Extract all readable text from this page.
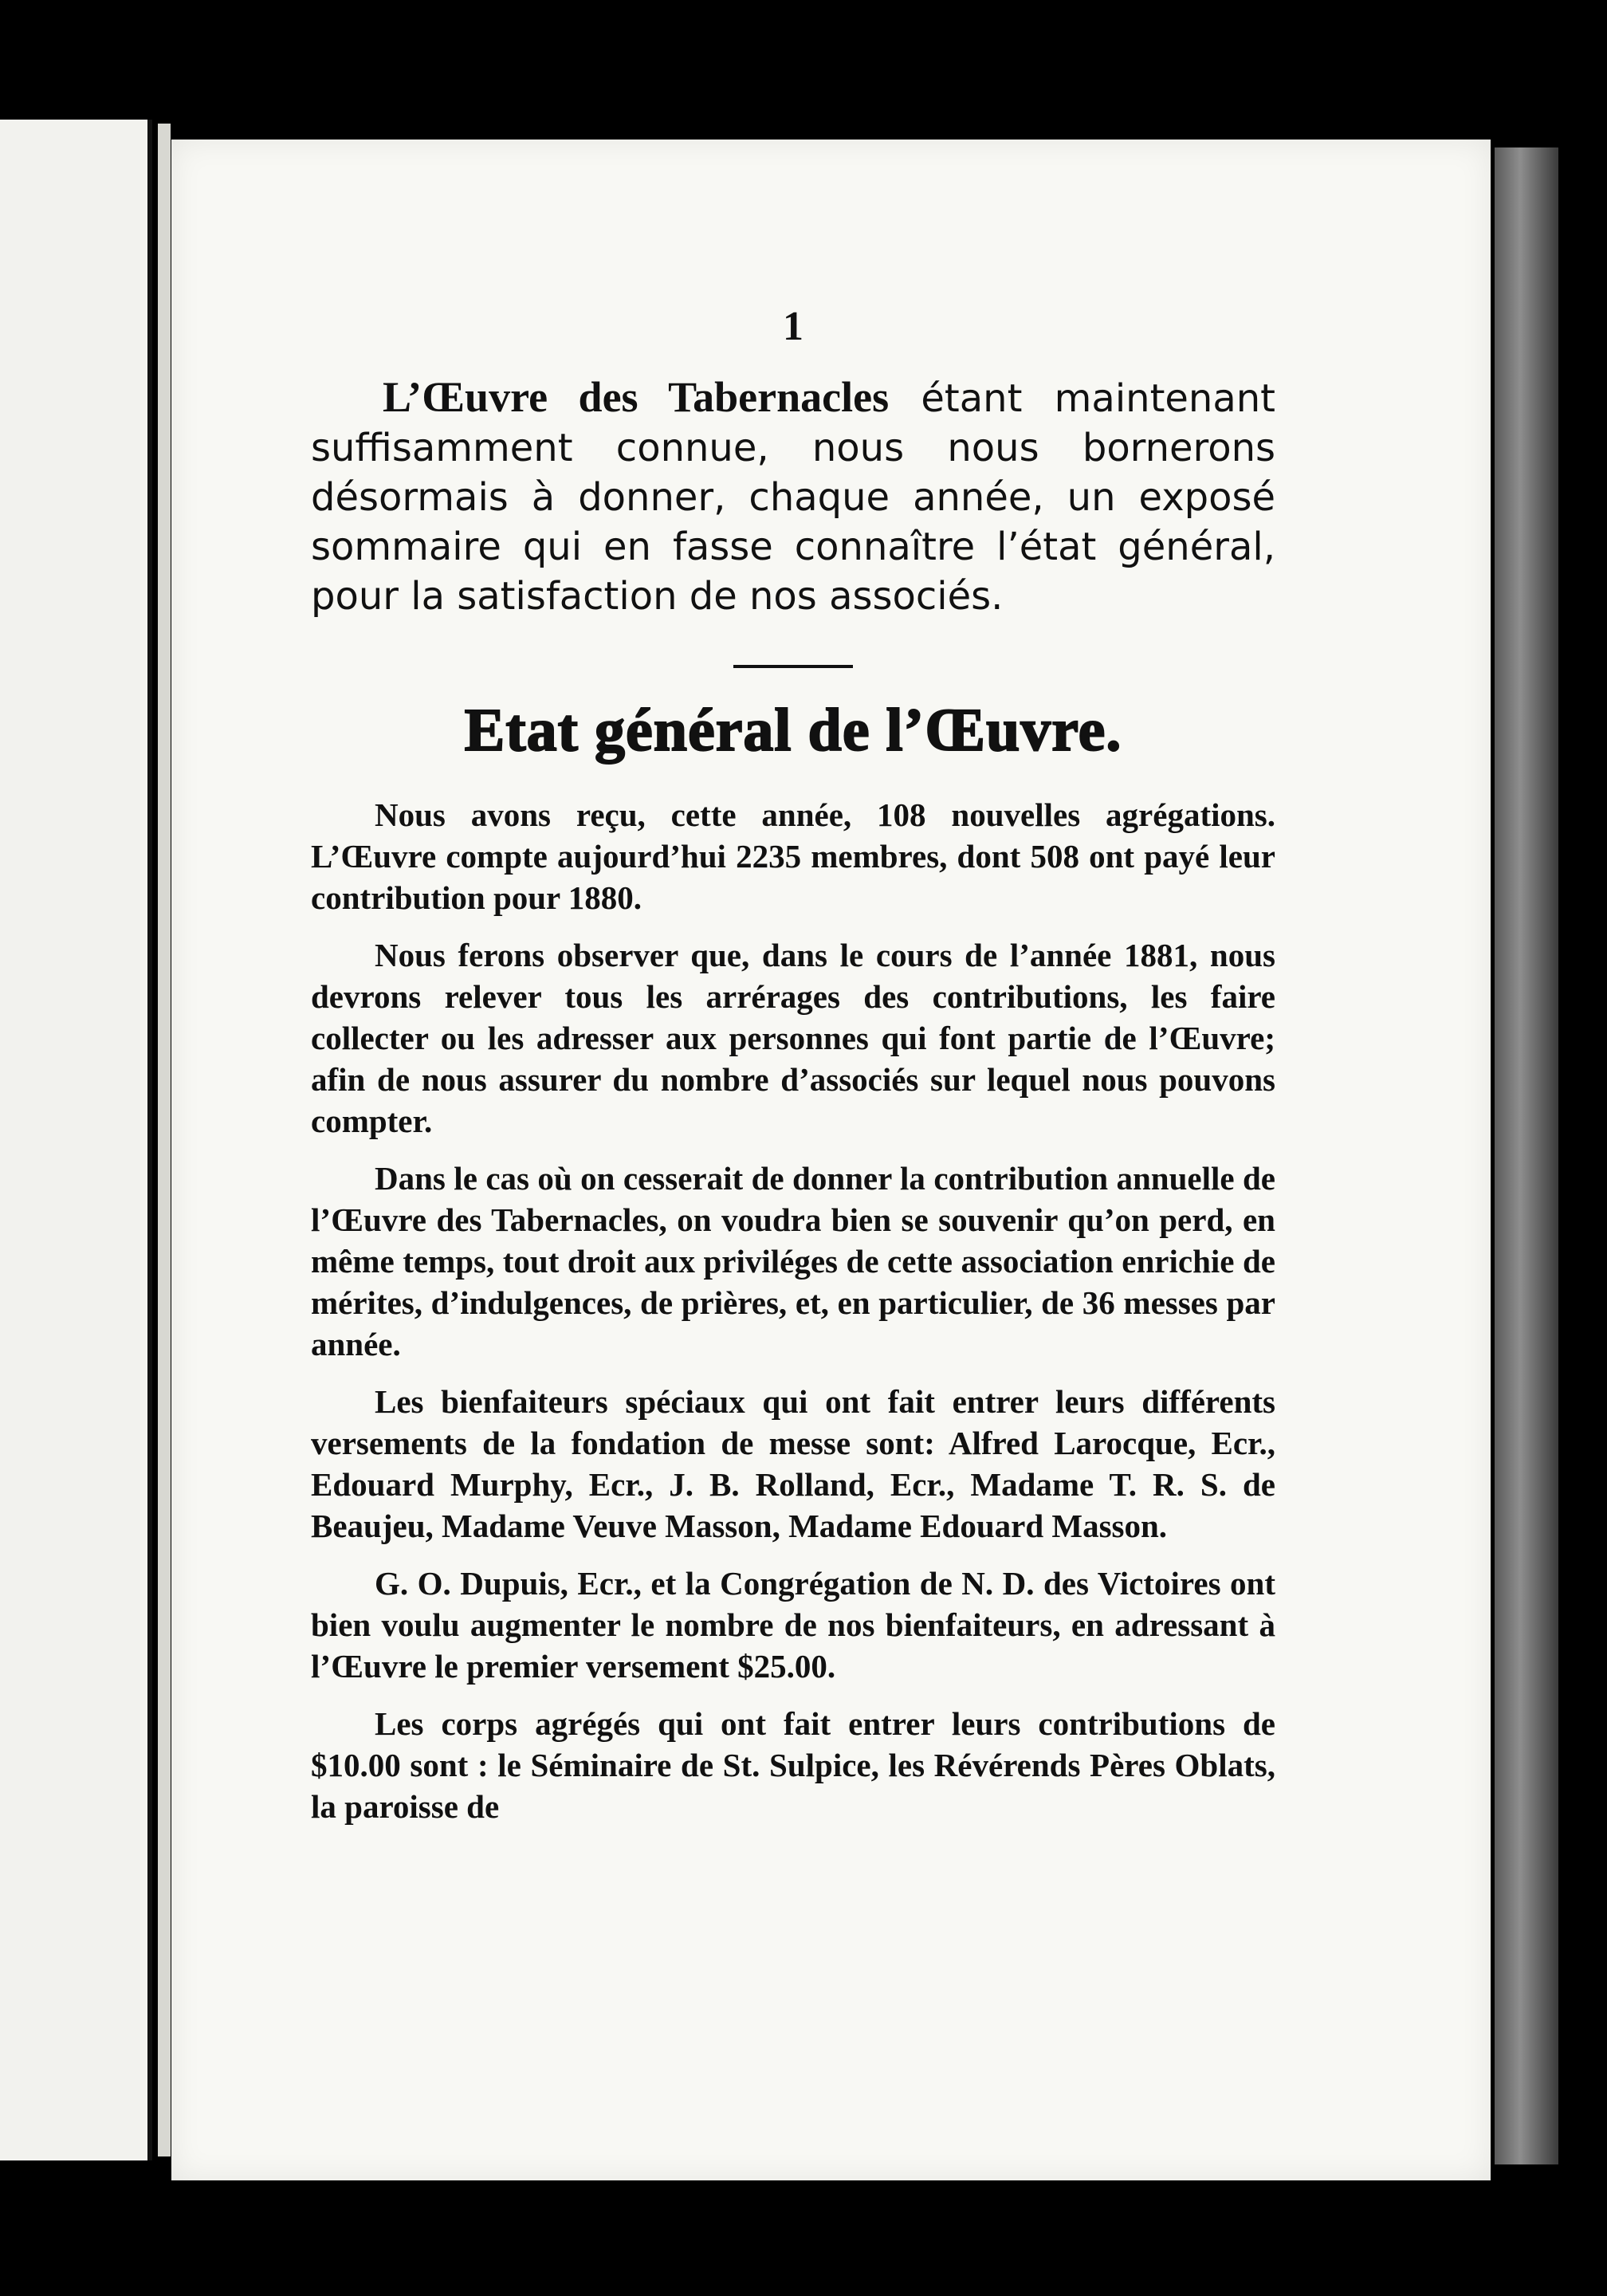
1

L’Œuvre des Tabernacles étant maintenant suffisamment connue, nous nous bornerons désormais à donner, chaque année, un exposé sommaire qui en fasse connaître l’état général, pour la satisfaction de nos associés.

Etat général de l’Œuvre.

Nous avons reçu, cette année, 108 nouvelles agrégations. L’Œuvre compte aujourd’hui 2235 membres, dont 508 ont payé leur contribution pour 1880.

Nous ferons observer que, dans le cours de l’année 1881, nous devrons relever tous les arrérages des contributions, les faire collecter ou les adresser aux personnes qui font partie de l’Œuvre; afin de nous assurer du nombre d’associés sur lequel nous pouvons compter.

Dans le cas où on cesserait de donner la contribution annuelle de l’Œuvre des Tabernacles, on voudra bien se souvenir qu’on perd, en même temps, tout droit aux priviléges de cette association enrichie de mérites, d’indulgences, de prières, et, en particulier, de 36 messes par année.

Les bienfaiteurs spéciaux qui ont fait entrer leurs différents versements de la fondation de messe sont: Alfred Larocque, Ecr., Edouard Murphy, Ecr., J. B. Rolland, Ecr., Madame T. R. S. de Beaujeu, Madame Veuve Masson, Madame Edouard Masson.

G. O. Dupuis, Ecr., et la Congrégation de N. D. des Victoires ont bien voulu augmenter le nombre de nos bienfaiteurs, en adressant à l’Œuvre le premier versement $25.00.

Les corps agrégés qui ont fait entrer leurs contributions de $10.00 sont : le Séminaire de St. Sulpice, les Révérends Pères Oblats, la paroisse de
